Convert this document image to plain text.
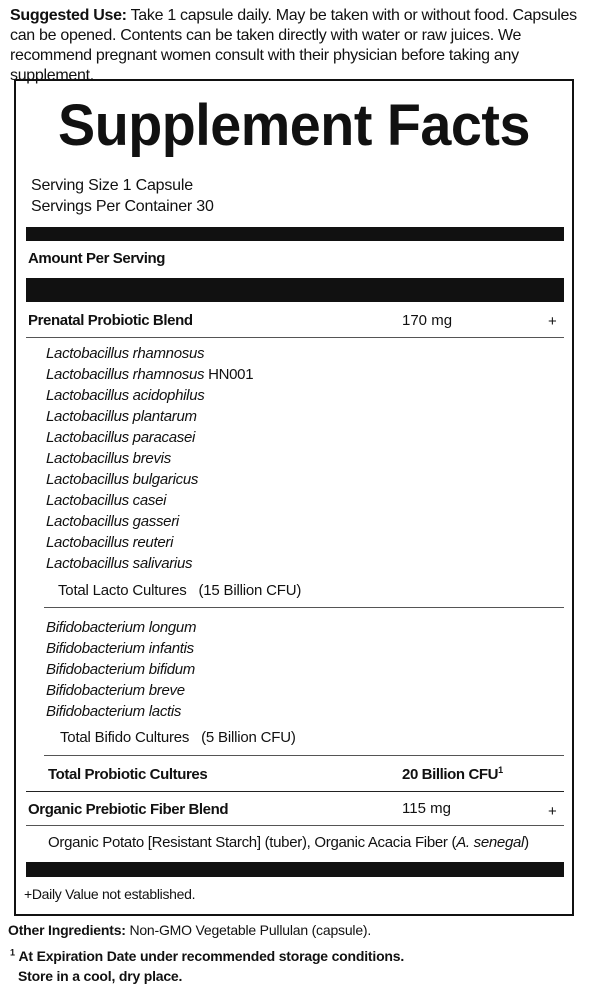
Suggested Use: Take 1 capsule daily. May be taken with or without food. Capsules can be opened. Contents can be taken directly with water or raw juices. We recommend pregnant women consult with their physician before taking any supplement.
Supplement Facts
Serving Size 1 Capsule
Servings Per Container 30
Amount Per Serving
Prenatal Probiotic Blend	170 mg	+
Lactobacillus rhamnosus
Lactobacillus rhamnosus HN001
Lactobacillus acidophilus
Lactobacillus plantarum
Lactobacillus paracasei
Lactobacillus brevis
Lactobacillus bulgaricus
Lactobacillus casei
Lactobacillus gasseri
Lactobacillus reuteri
Lactobacillus salivarius
Total Lacto Cultures (15 Billion CFU)
Bifidobacterium longum
Bifidobacterium infantis
Bifidobacterium bifidum
Bifidobacterium breve
Bifidobacterium lactis
Total Bifido Cultures (5 Billion CFU)
Total Probiotic Cultures	20 Billion CFU$^1$
Organic Prebiotic Fiber Blend	115 mg	+
Organic Potato [Resistant Starch] (tuber), Organic Acacia Fiber (A. senegal)
+Daily Value not established.
Other Ingredients: Non-GMO Vegetable Pullulan (capsule).
$^1$ At Expiration Date under recommended storage conditions.
Store in a cool, dry place.
